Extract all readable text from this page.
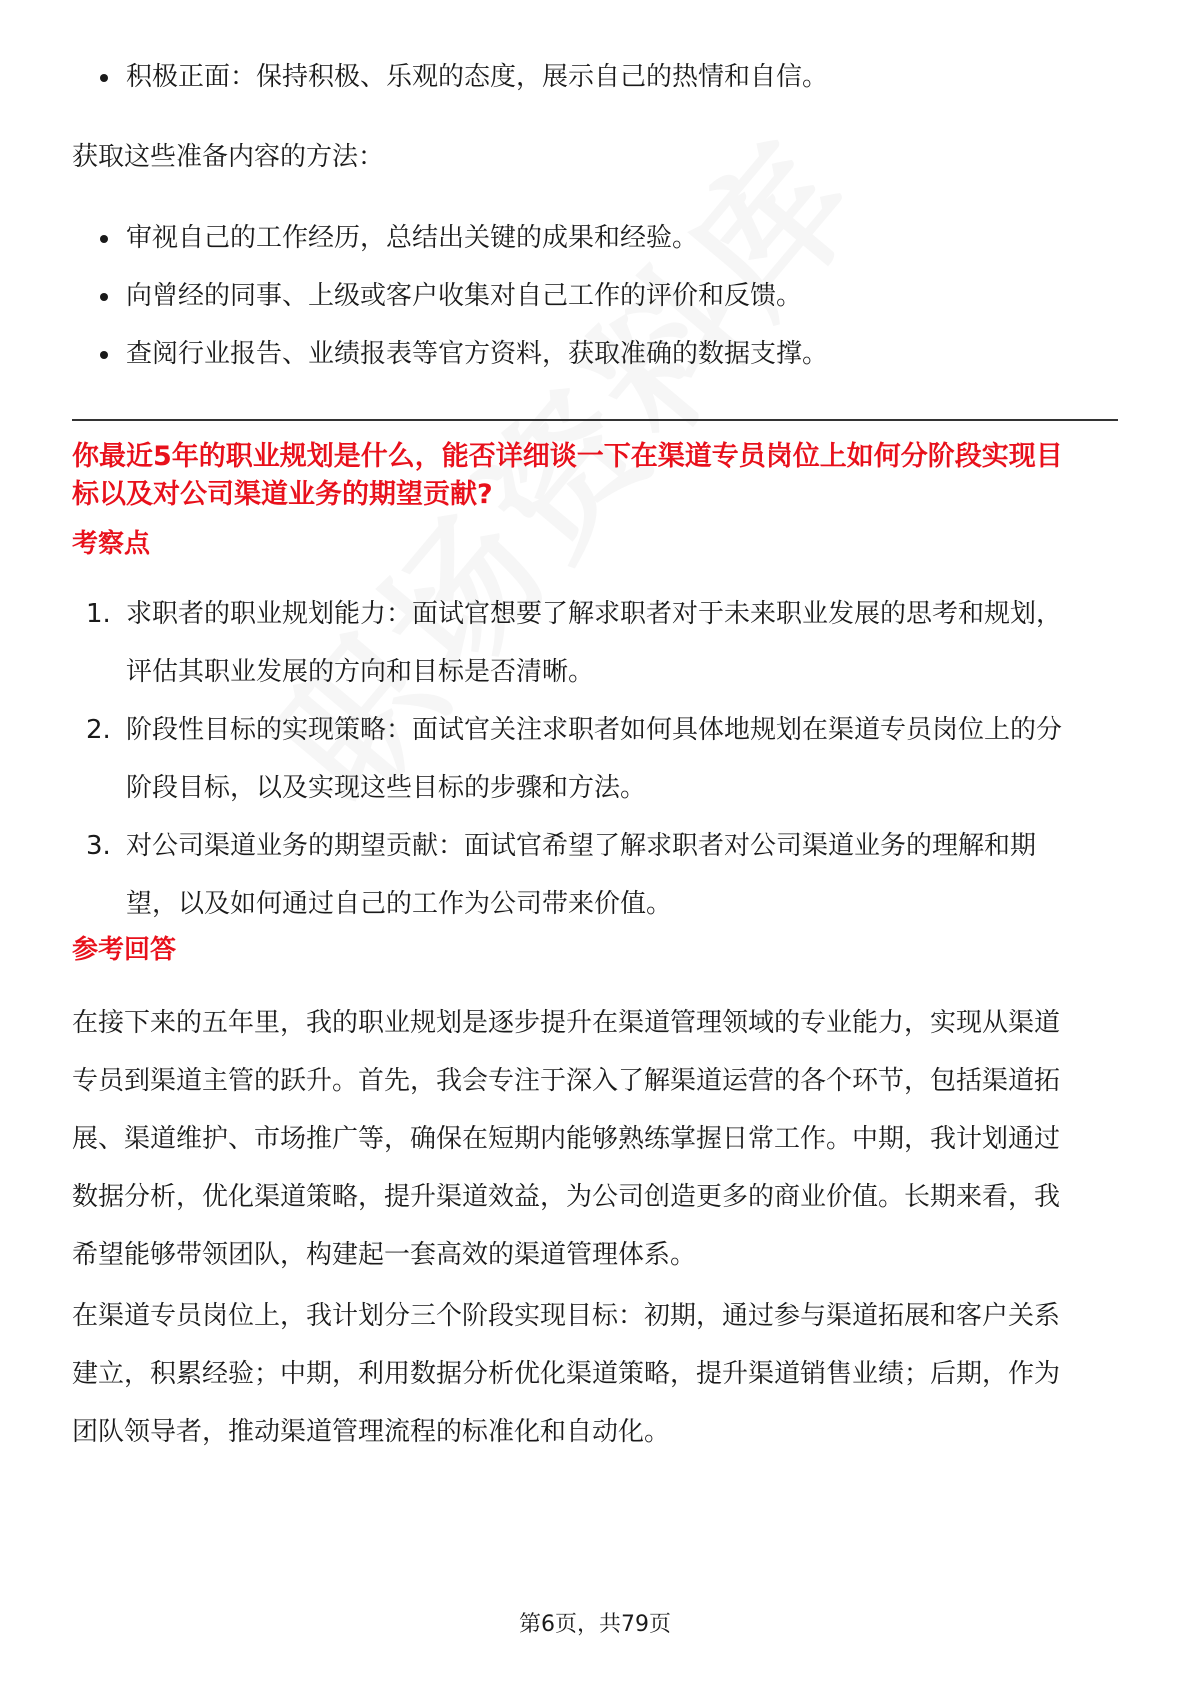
积极正面：保持积极、乐观的态度，展示自己的热情和自信。

获取这些准备内容的方法：

审视自己的工作经历，总结出关键的成果和经验。
向曾经的同事、上级或客户收集对自己工作的评价和反馈。
查阅行业报告、业绩报表等官方资料，获取准确的数据支撑。

你最近5年的职业规划是什么，能否详细谈一下在渠道专员岗位上如何分阶段实现目标以及对公司渠道业务的期望贡献?

考察点

1. 求职者的职业规划能力：面试官想要了解求职者对于未来职业发展的思考和规划，评估其职业发展的方向和目标是否清晰。
2. 阶段性目标的实现策略：面试官关注求职者如何具体地规划在渠道专员岗位上的分阶段目标，以及实现这些目标的步骤和方法。
3. 对公司渠道业务的期望贡献：面试官希望了解求职者对公司渠道业务的理解和期望，以及如何通过自己的工作为公司带来价值。

参考回答

在接下来的五年里，我的职业规划是逐步提升在渠道管理领域的专业能力，实现从渠道专员到渠道主管的跃升。首先，我会专注于深入了解渠道运营的各个环节，包括渠道拓展、渠道维护、市场推广等，确保在短期内能够熟练掌握日常工作。中期，我计划通过数据分析，优化渠道策略，提升渠道效益，为公司创造更多的商业价值。长期来看，我希望能够带领团队，构建起一套高效的渠道管理体系。

在渠道专员岗位上，我计划分三个阶段实现目标：初期，通过参与渠道拓展和客户关系建立，积累经验；中期，利用数据分析优化渠道策略，提升渠道销售业绩；后期，作为团队领导者，推动渠道管理流程的标准化和自动化。

第6页，共79页
